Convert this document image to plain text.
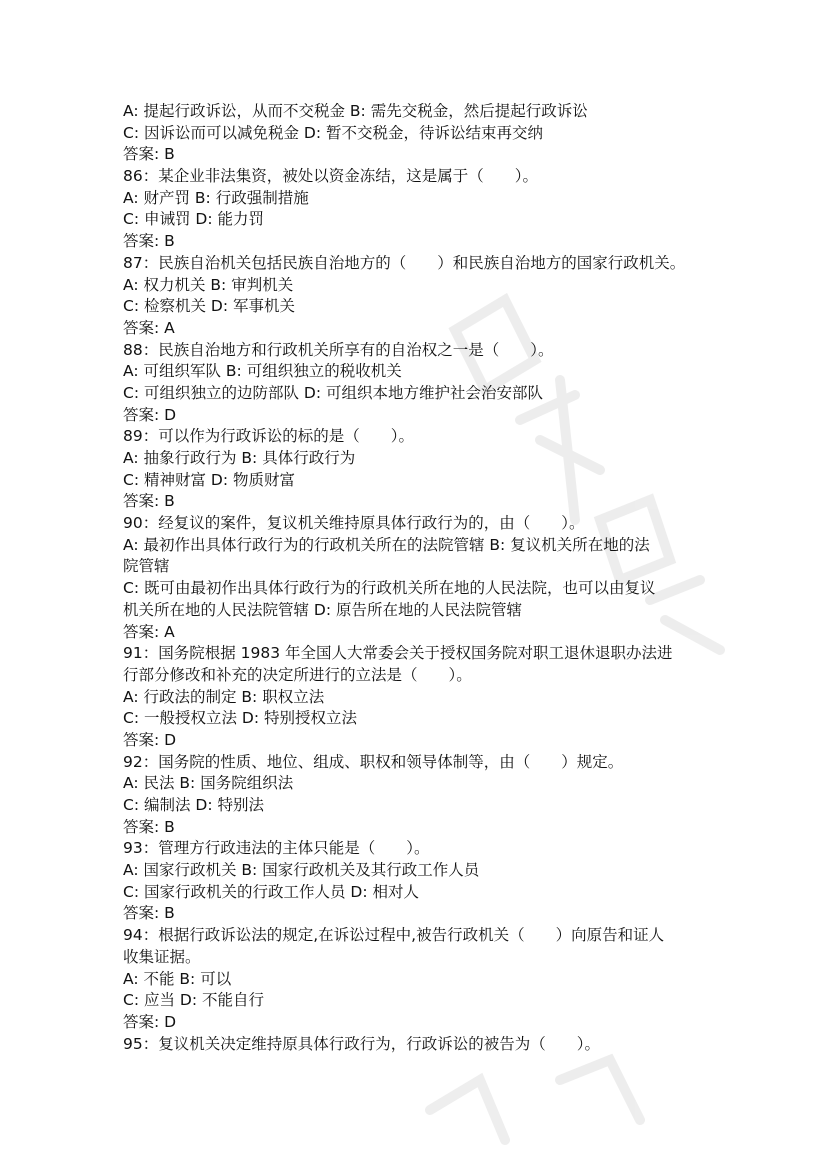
A: 提起行政诉讼，从而不交税金 B: 需先交税金，然后提起行政诉讼
C: 因诉讼而可以减免税金 D: 暂不交税金，待诉讼结束再交纳
答案: B
86：某企业非法集资，被处以资金冻结，这是属于（　　）。
A: 财产罚 B: 行政强制措施
C: 申诫罚 D: 能力罚
答案: B
87：民族自治机关包括民族自治地方的（　　）和民族自治地方的国家行政机关。
A: 权力机关 B: 审判机关
C: 检察机关 D: 军事机关
答案: A
88：民族自治地方和行政机关所享有的自治权之一是（　　）。
A: 可组织军队 B: 可组织独立的税收机关
C: 可组织独立的边防部队 D: 可组织本地方维护社会治安部队
答案: D
89：可以作为行政诉讼的标的是（　　）。
A: 抽象行政行为 B: 具体行政行为
C: 精神财富 D: 物质财富
答案: B
90：经复议的案件，复议机关维持原具体行政行为的，由（　　）。
A: 最初作出具体行政行为的行政机关所在的法院管辖 B: 复议机关所在地的法
院管辖
C: 既可由最初作出具体行政行为的行政机关所在地的人民法院，也可以由复议
机关所在地的人民法院管辖 D: 原告所在地的人民法院管辖
答案: A
91：国务院根据 1983 年全国人大常委会关于授权国务院对职工退休退职办法进
行部分修改和补充的决定所进行的立法是（　　）。
A: 行政法的制定 B: 职权立法
C: 一般授权立法 D: 特别授权立法
答案: D
92：国务院的性质、地位、组成、职权和领导体制等，由（　　）规定。
A: 民法 B: 国务院组织法
C: 编制法 D: 特别法
答案: B
93：管理方行政违法的主体只能是（　　）。
A: 国家行政机关 B: 国家行政机关及其行政工作人员
C: 国家行政机关的行政工作人员 D: 相对人
答案: B
94：根据行政诉讼法的规定,在诉讼过程中,被告行政机关（　　）向原告和证人
收集证据。
A: 不能 B: 可以
C: 应当 D: 不能自行
答案: D
95：复议机关决定维持原具体行政行为，行政诉讼的被告为（　　）。
